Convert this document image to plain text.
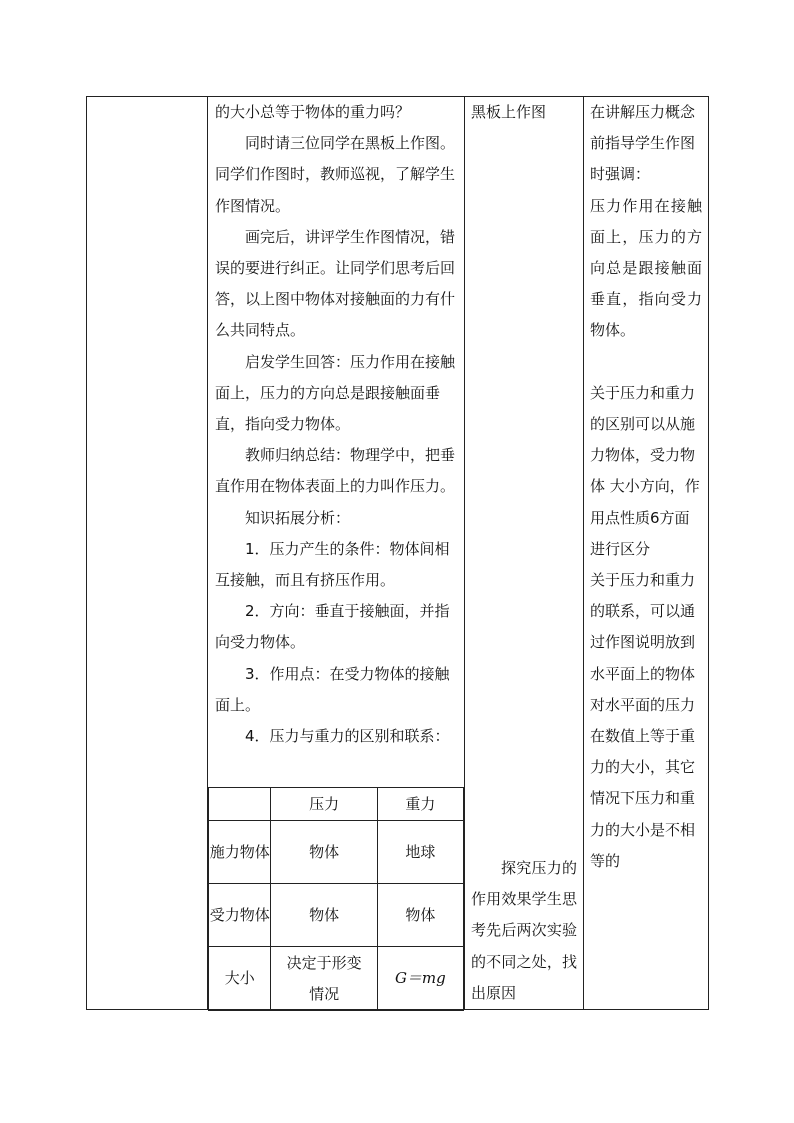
的大小总等于物体的重力吗？

同时请三位同学在黑板上作图。同学们作图时，教师巡视，了解学生作图情况。

画完后，讲评学生作图情况，错误的要进行纠正。让同学们思考后回答，以上图中物体对接触面的力有什么共同特点。

启发学生回答：压力作用在接触面上，压力的方向总是跟接触面垂直，指向受力物体。

教师归纳总结：物理学中，把垂直作用在物体表面上的力叫作压力。

知识拓展分析：

1．压力产生的条件：物体间相互接触，而且有挤压作用。

2．方向：垂直于接触面，并指向受力物体。

3．作用点：在受力物体的接触面上。

4．压力与重力的区别和联系：

	压力	重力
施力物体	物体	地球
受力物体	物体	物体
大小	决定于形变情况	G＝mg

黑板上作图

探究压力的作用效果学生思考先后两次实验的不同之处，找出原因

在讲解压力概念前指导学生作图时强调：

压力作用在接触面上，压力的方向总是跟接触面垂直，指向受力物体。

关于压力和重力的区别可以从施力物体，受力物体 大小方向，作用点性质6方面进行区分

关于压力和重力的联系，可以通过作图说明放到水平面上的物体对水平面的压力在数值上等于重力的大小，其它情况下压力和重力的大小是不相等的
